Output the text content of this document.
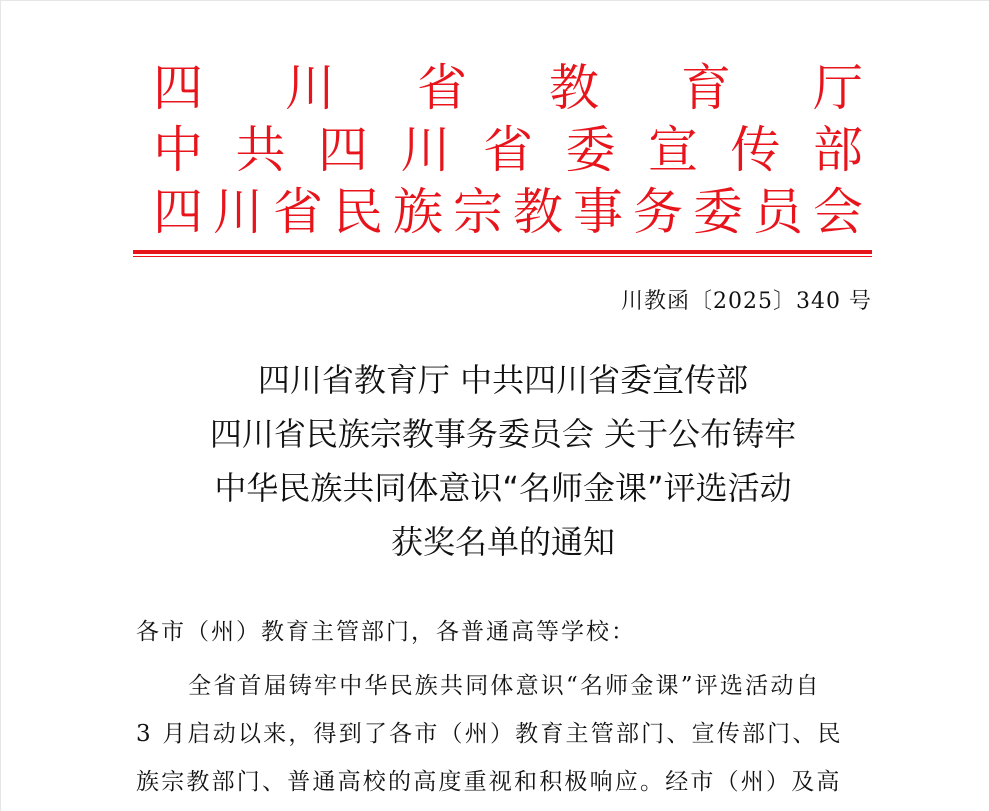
四 川 省 教 育 厅
中 共 四 川 省 委 宣 传 部
四 川 省 民 族 宗 教 事 务 委 员 会
川教函〔2025〕340 号
四川省教育厅 中共四川省委宣传部
四川省民族宗教事务委员会 关于公布铸牢
中华民族共同体意识“名师金课”评选活动
获奖名单的通知
各市（州）教育主管部门，各普通高等学校：
全省首届铸牢中华民族共同体意识“名师金课”评选活动自
3 月启动以来，得到了各市（州）教育主管部门、宣传部门、民
族宗教部门、普通高校的高度重视和积极响应。经市（州）及高
